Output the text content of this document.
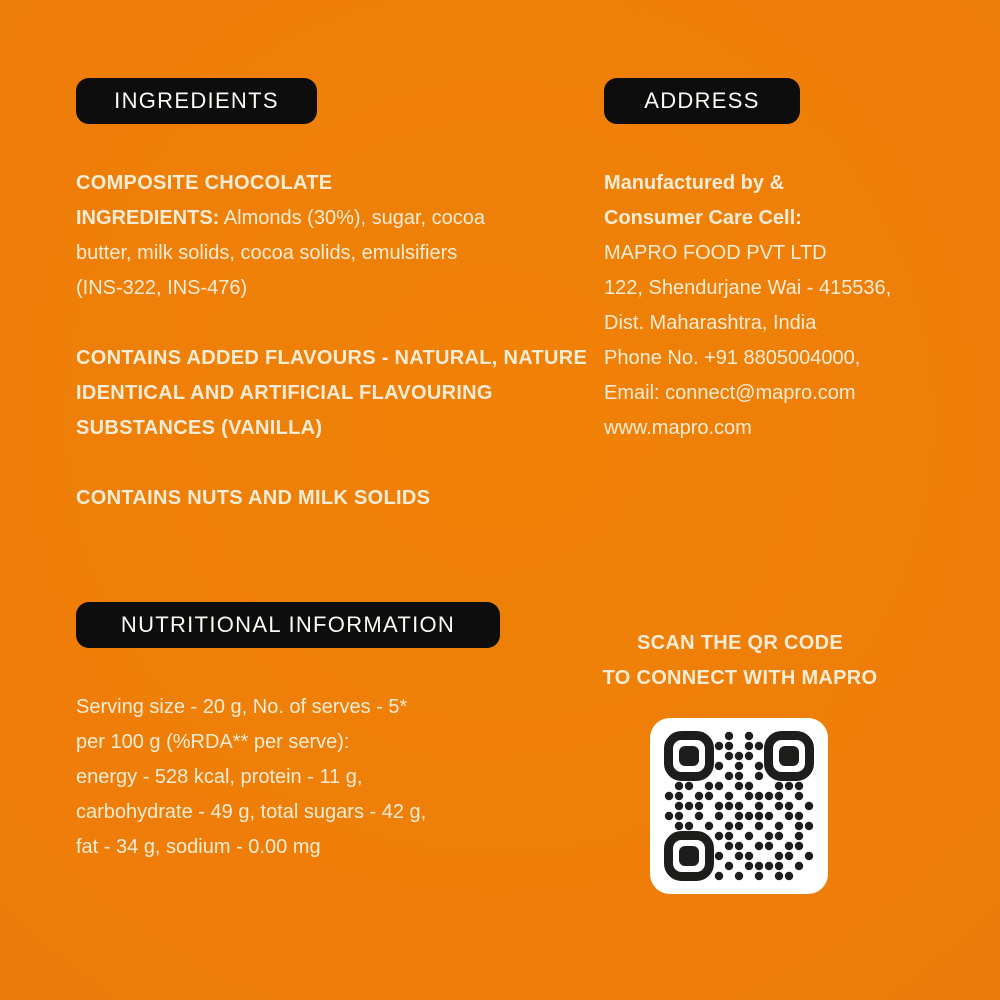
INGREDIENTS
COMPOSITE CHOCOLATE
INGREDIENTS: Almonds (30%), sugar, cocoa
butter, milk solids, cocoa solids, emulsifiers
(INS-322, INS-476)
CONTAINS ADDED FLAVOURS - NATURAL, NATURE
IDENTICAL AND ARTIFICIAL FLAVOURING
SUBSTANCES (VANILLA)
CONTAINS NUTS AND MILK SOLIDS
ADDRESS
Manufactured by &
Consumer Care Cell:
MAPRO FOOD PVT LTD
122, Shendurjane Wai - 415536,
Dist. Maharashtra, India
Phone No. +91 8805004000,
Email: connect@mapro.com
www.mapro.com
NUTRITIONAL INFORMATION
Serving size - 20 g, No. of serves - 5*
per 100 g (%RDA** per serve):
energy - 528 kcal, protein - 11 g,
carbohydrate - 49 g, total sugars - 42 g,
fat - 34 g, sodium - 0.00 mg
SCAN THE QR CODE
TO CONNECT WITH MAPRO
